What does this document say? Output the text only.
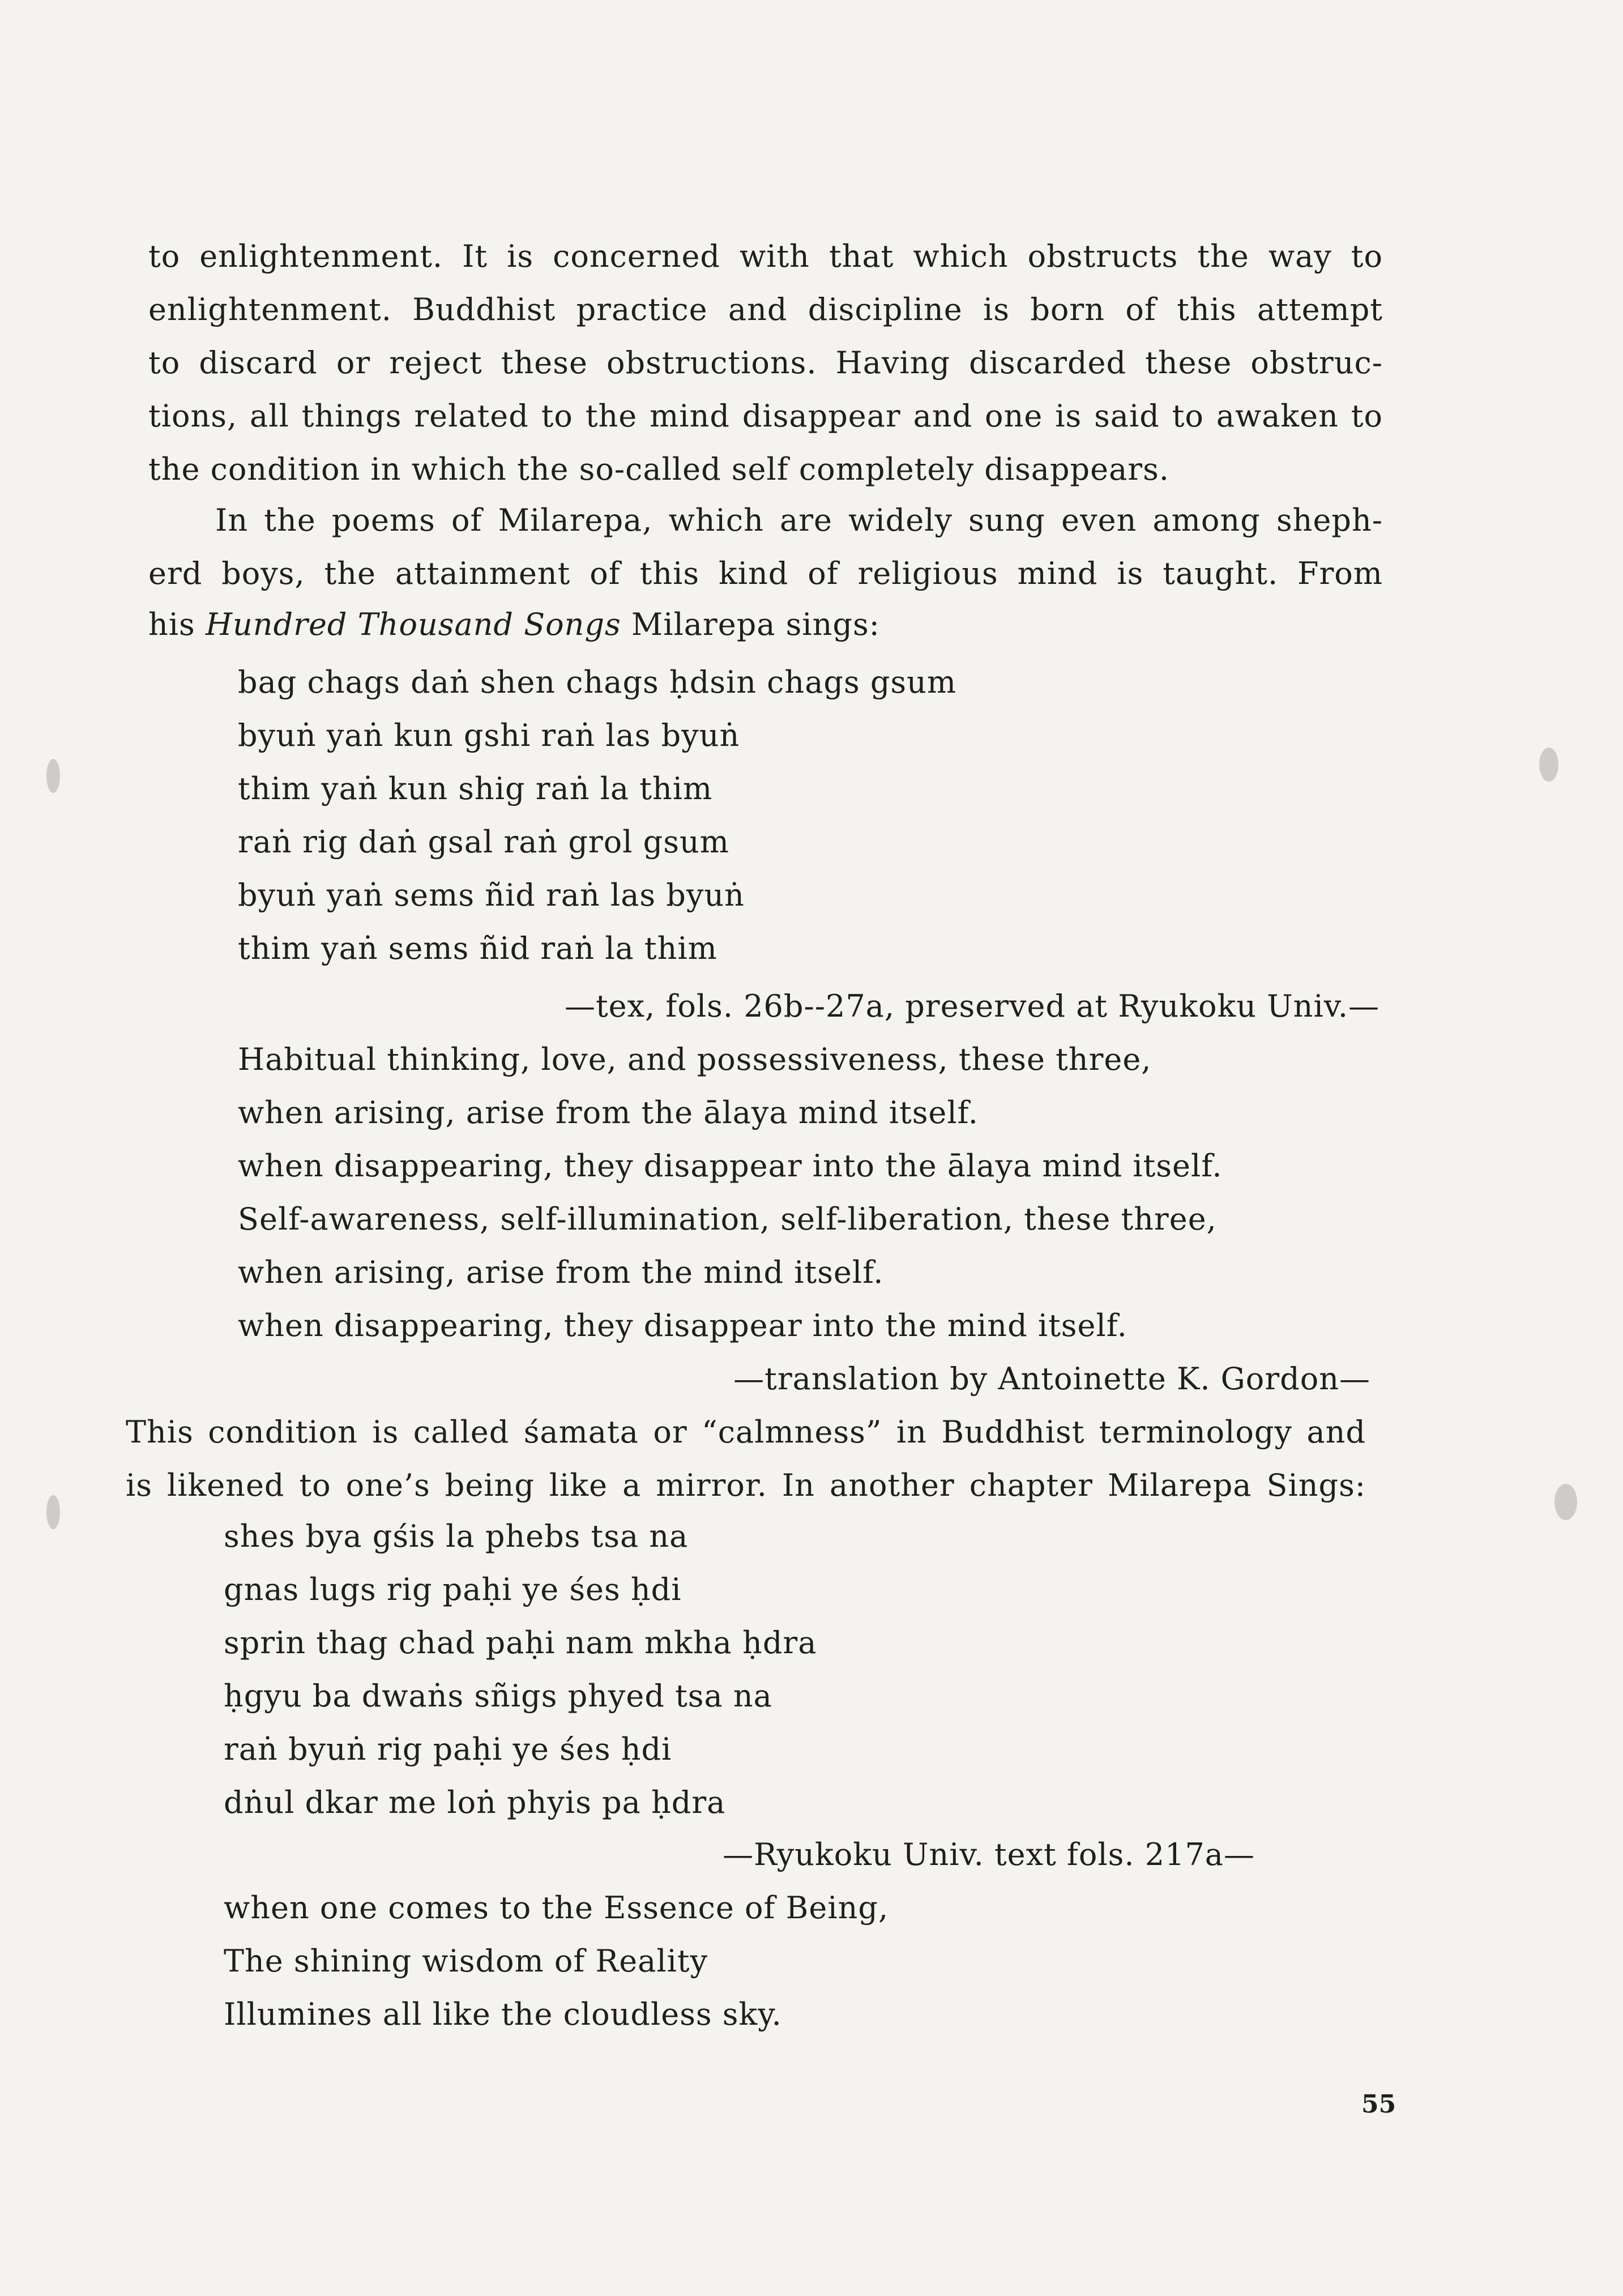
to enlightenment. It is concerned with that which obstructs the way to
enlightenment. Buddhist practice and discipline is born of this attempt
to discard or reject these obstructions. Having discarded these obstruc-
tions, all things related to the mind disappear and one is said to awaken to
the condition in which the so-called self completely disappears.
In the poems of Milarepa, which are widely sung even among sheph-
erd boys, the attainment of this kind of religious mind is taught. From
his Hundred Thousand Songs Milarepa sings:
bag chags daṅ shen chags ḥdsin chags gsum
byuṅ yaṅ kun gshi raṅ las byuṅ
thim yaṅ kun shig raṅ la thim
raṅ rig daṅ gsal raṅ grol gsum
byuṅ yaṅ sems ñid raṅ las byuṅ
thim yaṅ sems ñid raṅ la thim
—tex, fols. 26b--27a, preserved at Ryukoku Univ.—
Habitual thinking, love, and possessiveness, these three,
when arising, arise from the ālaya mind itself.
when disappearing, they disappear into the ālaya mind itself.
Self-awareness, self-illumination, self-liberation, these three,
when arising, arise from the mind itself.
when disappearing, they disappear into the mind itself.
—translation by Antoinette K. Gordon—
This condition is called śamata or “calmness” in Buddhist terminology and
is likened to one’s being like a mirror. In another chapter Milarepa Sings:
shes bya gśis la phebs tsa na
gnas lugs rig paḥi ye śes ḥdi
sprin thag chad paḥi nam mkha ḥdra
ḥgyu ba dwaṅs sñigs phyed tsa na
raṅ byuṅ rig paḥi ye śes ḥdi
dṅul dkar me loṅ phyis pa ḥdra
—Ryukoku Univ. text fols. 217a—
when one comes to the Essence of Being,
The shining wisdom of Reality
Illumines all like the cloudless sky.
55
